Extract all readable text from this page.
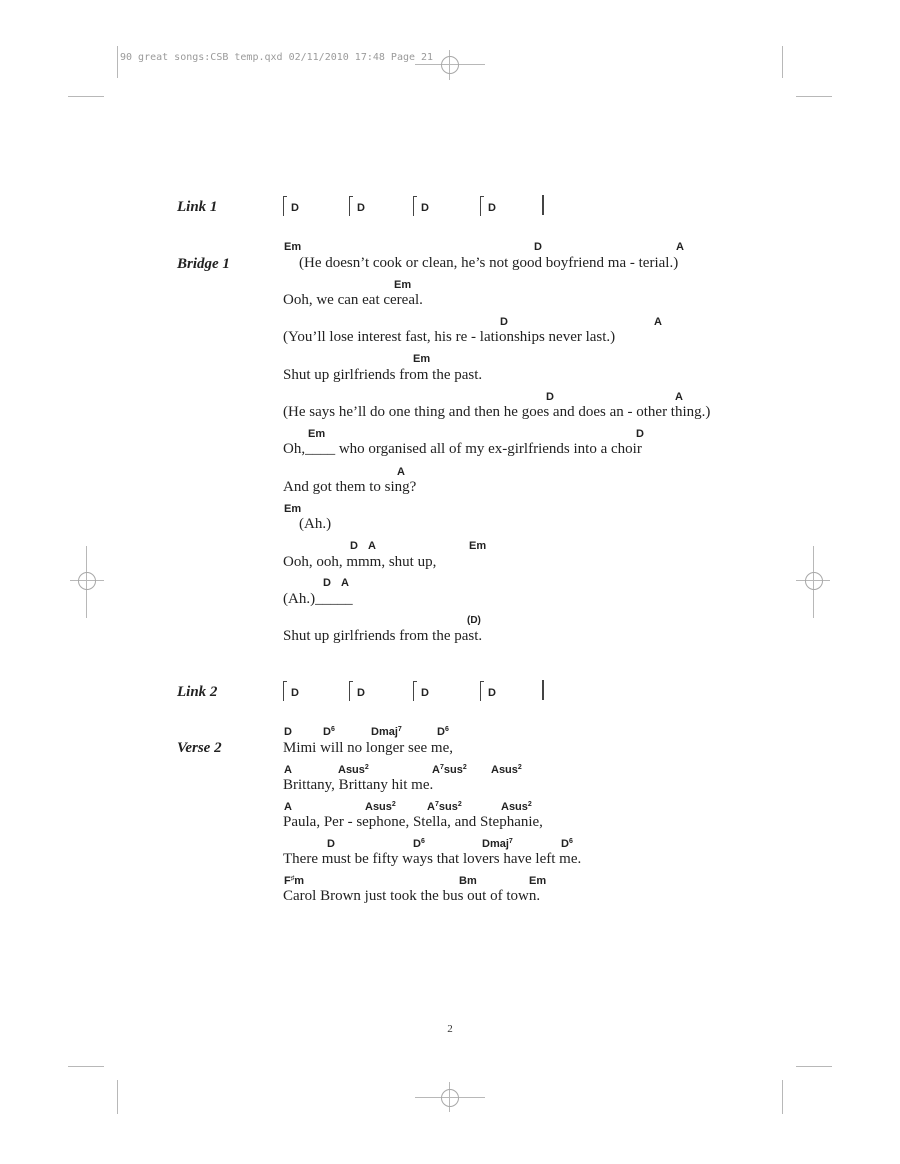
90 great songs:CSB temp.qxd 02/11/2010 17:48 Page 21
Link 1	D	D	D	D
Bridge 1
Em	D	A
(He doesn’t cook or clean, he’s not good boyfriend ma - terial.)
Em
Ooh, we can eat cereal.
D	A
(You’ll lose interest fast, his re - lationships never last.)
Em
Shut up girlfriends from the past.
D	A
(He says he’ll do one thing and then he goes and does an - other thing.)
Em	D
Oh,____ who organised all of my ex-girlfriends into a choir
A
And got them to sing?
Em
(Ah.)
D A	Em
Ooh, ooh, mmm, shut up,
D A
(Ah.)_____
(D)
Shut up girlfriends from the past.
Link 2	D	D	D	D
Verse 2
D	$D^6$	Dmaj$^7$	$D^6$
Mimi will no longer see me,
A	Asus$^2$	$A^7sus^2$ Asus$^2$
Brittany, Brittany hit me.
A	Asus$^2$	$A^7sus^2$	Asus$^2$
Paula, Per - sephone, Stella, and Stephanie,
D	$D^6$	Dmaj$^7$	$D^6$
There must be fifty ways that lovers have left me.
F♯m	Bm	Em
Carol Brown just took the bus out of town.
2
